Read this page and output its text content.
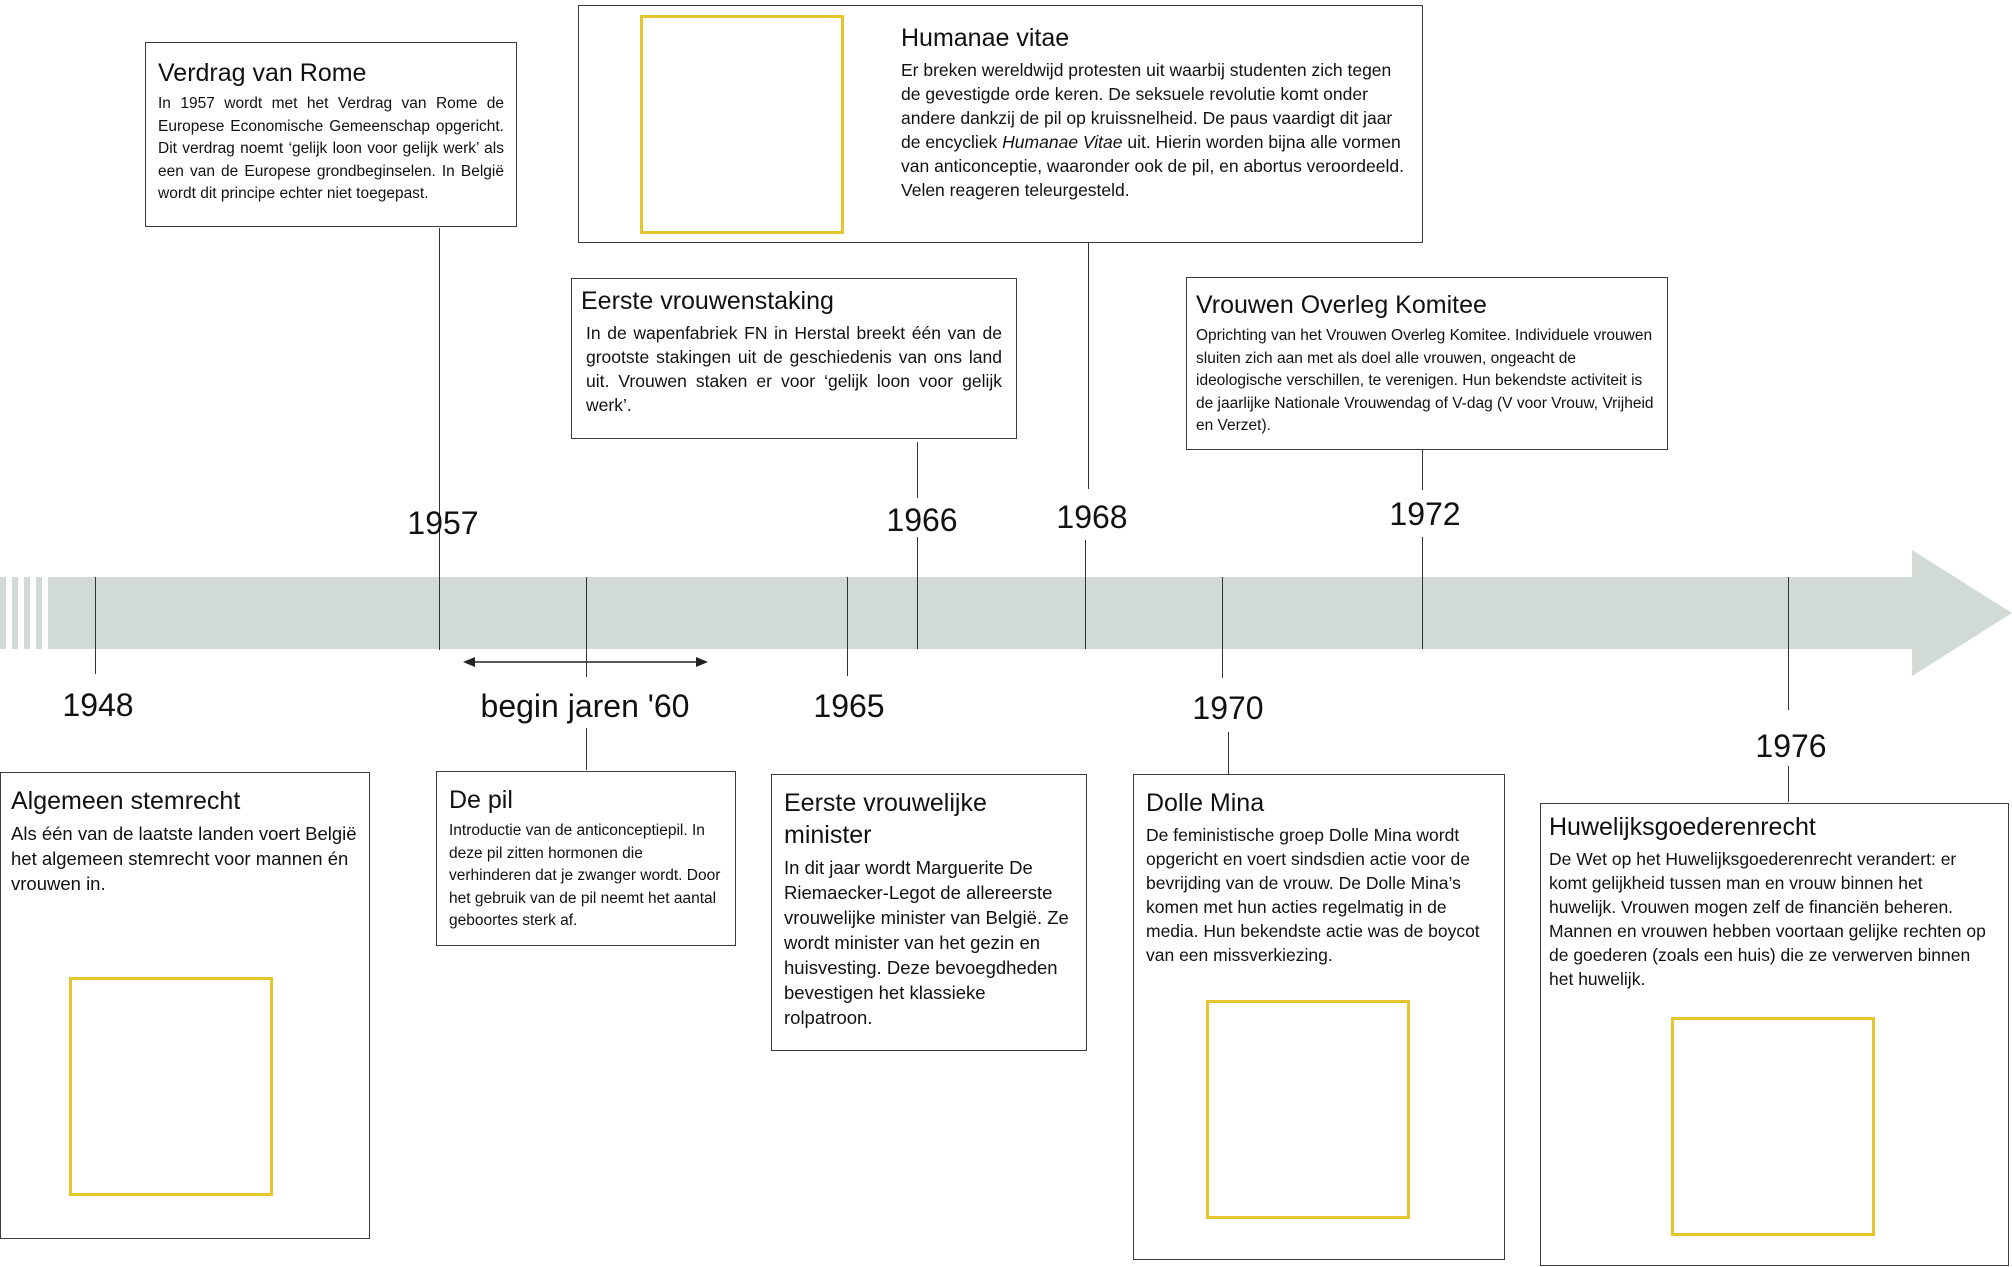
1957	1966	1968	1972
1948	begin jaren '60	1965	1970
1976
Verdrag van Rome
In 1957 wordt met het Verdrag van Rome de Europese Economische Gemeenschap opgericht. Dit verdrag noemt ‘gelijk loon voor gelijk werk’ als een van de Europese grondbeginselen. In België wordt dit principe echter niet toegepast.
Humanae vitae
Er breken wereldwijd protesten uit waarbij studenten zich tegen de gevestigde orde keren. De seksuele revolutie komt onder andere dankzij de pil op kruissnelheid. De paus vaardigt dit jaar de encycliek Humanae Vitae uit. Hierin worden bijna alle vormen van anticonceptie, waaronder ook de pil, en abortus veroordeeld. Velen reageren teleurgesteld.
Eerste vrouwenstaking
In de wapenfabriek FN in Herstal breekt één van de grootste stakingen uit de geschiedenis van ons land uit. Vrouwen staken er voor ‘gelijk loon voor gelijk werk’.
Vrouwen Overleg Komitee
Oprichting van het Vrouwen Overleg Komitee. Individuele vrouwen sluiten zich aan met als doel alle vrouwen, ongeacht de ideologische verschillen, te verenigen. Hun bekendste activiteit is de jaarlijke Nationale Vrouwendag of V-dag (V voor Vrouw, Vrijheid en Verzet).
Algemeen stemrecht
Als één van de laatste landen voert België het algemeen stemrecht voor mannen én vrouwen in.
De pil
Introductie van de anticonceptiepil. In deze pil zitten hormonen die verhinderen dat je zwanger wordt. Door het gebruik van de pil neemt het aantal geboortes sterk af.
Eerste vrouwelijke minister
In dit jaar wordt Marguerite De Riemaecker-Legot de allereerste vrouwelijke minister van België. Ze wordt minister van het gezin en huisvesting. Deze bevoegdheden bevestigen het klassieke rolpatroon.
Dolle Mina
De feministische groep Dolle Mina wordt opgericht en voert sindsdien actie voor de bevrijding van de vrouw. De Dolle Mina’s komen met hun acties regelmatig in de media. Hun bekendste actie was de boycot van een missverkiezing.
Huwelijksgoederenrecht
De Wet op het Huwelijksgoederenrecht verandert: er komt gelijkheid tussen man en vrouw binnen het huwelijk. Vrouwen mogen zelf de financiën beheren. Mannen en vrouwen hebben voortaan gelijke rechten op de goederen (zoals een huis) die ze verwerven binnen het huwelijk.
